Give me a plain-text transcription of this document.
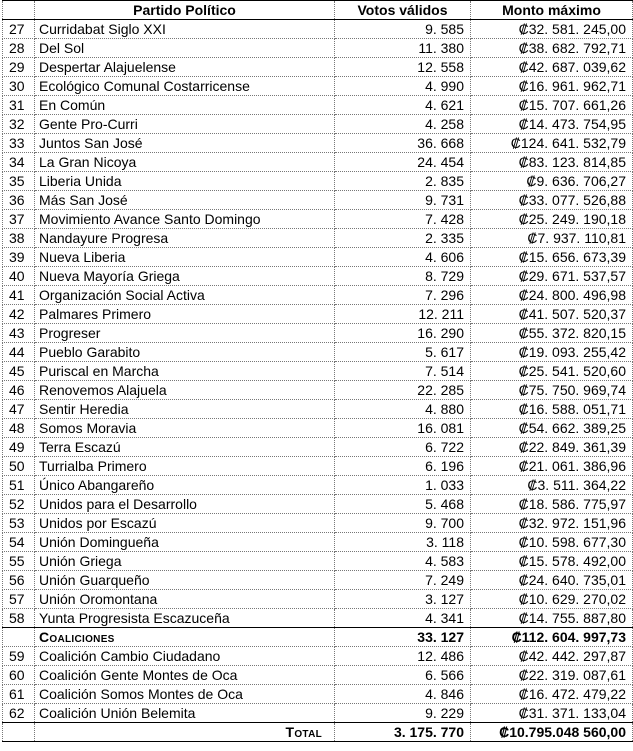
	Partido Político	Votos válidos	Monto máximo
27	Curridabat Siglo XXI	9. 585	₡32. 581. 245,00
28	Del Sol	11. 380	₡38. 682. 792,71
29	Despertar Alajuelense	12. 558	₡42. 687. 039,62
30	Ecológico Comunal Costarricense	4. 990	₡16. 961. 962,71
31	En Común	4. 621	₡15. 707. 661,26
32	Gente Pro-Curri	4. 258	₡14. 473. 754,95
33	Juntos San José	36. 668	₡124. 641. 532,79
34	La Gran Nicoya	24. 454	₡83. 123. 814,85
35	Liberia Unida	2. 835	₡9. 636. 706,27
36	Más San José	9. 731	₡33. 077. 526,88
37	Movimiento Avance Santo Domingo	7. 428	₡25. 249. 190,18
38	Nandayure Progresa	2. 335	₡7. 937. 110,81
39	Nueva Liberia	4. 606	₡15. 656. 673,39
40	Nueva Mayoría Griega	8. 729	₡29. 671. 537,57
41	Organización Social Activa	7. 296	₡24. 800. 496,98
42	Palmares Primero	12. 211	₡41. 507. 520,37
43	Progreser	16. 290	₡55. 372. 820,15
44	Pueblo Garabito	5. 617	₡19. 093. 255,42
45	Puriscal en Marcha	7. 514	₡25. 541. 520,60
46	Renovemos Alajuela	22. 285	₡75. 750. 969,74
47	Sentir Heredia	4. 880	₡16. 588. 051,71
48	Somos Moravia	16. 081	₡54. 662. 389,25
49	Terra Escazú	6. 722	₡22. 849. 361,39
50	Turrialba Primero	6. 196	₡21. 061. 386,96
51	Único Abangareño	1. 033	₡3. 511. 364,22
52	Unidos para el Desarrollo	5. 468	₡18. 586. 775,97
53	Unidos por Escazú	9. 700	₡32. 972. 151,96
54	Unión Domingueña	3. 118	₡10. 598. 677,30
55	Unión Griega	4. 583	₡15. 578. 492,00
56	Unión Guarqueño	7. 249	₡24. 640. 735,01
57	Unión Oromontana	3. 127	₡10. 629. 270,02
58	Yunta Progresista Escazuceña	4. 341	₡14. 755. 887,80
	Coaliciones	33. 127	₡112. 604. 997,73
59	Coalición Cambio Ciudadano	12. 486	₡42. 442. 297,87
60	Coalición Gente Montes de Oca	6. 566	₡22. 319. 087,61
61	Coalición Somos Montes de Oca	4. 846	₡16. 472. 479,22
62	Coalición Unión Belemita	9. 229	₡31. 371. 133,04
	Total	3. 175. 770	₡10.795.048 560,00
